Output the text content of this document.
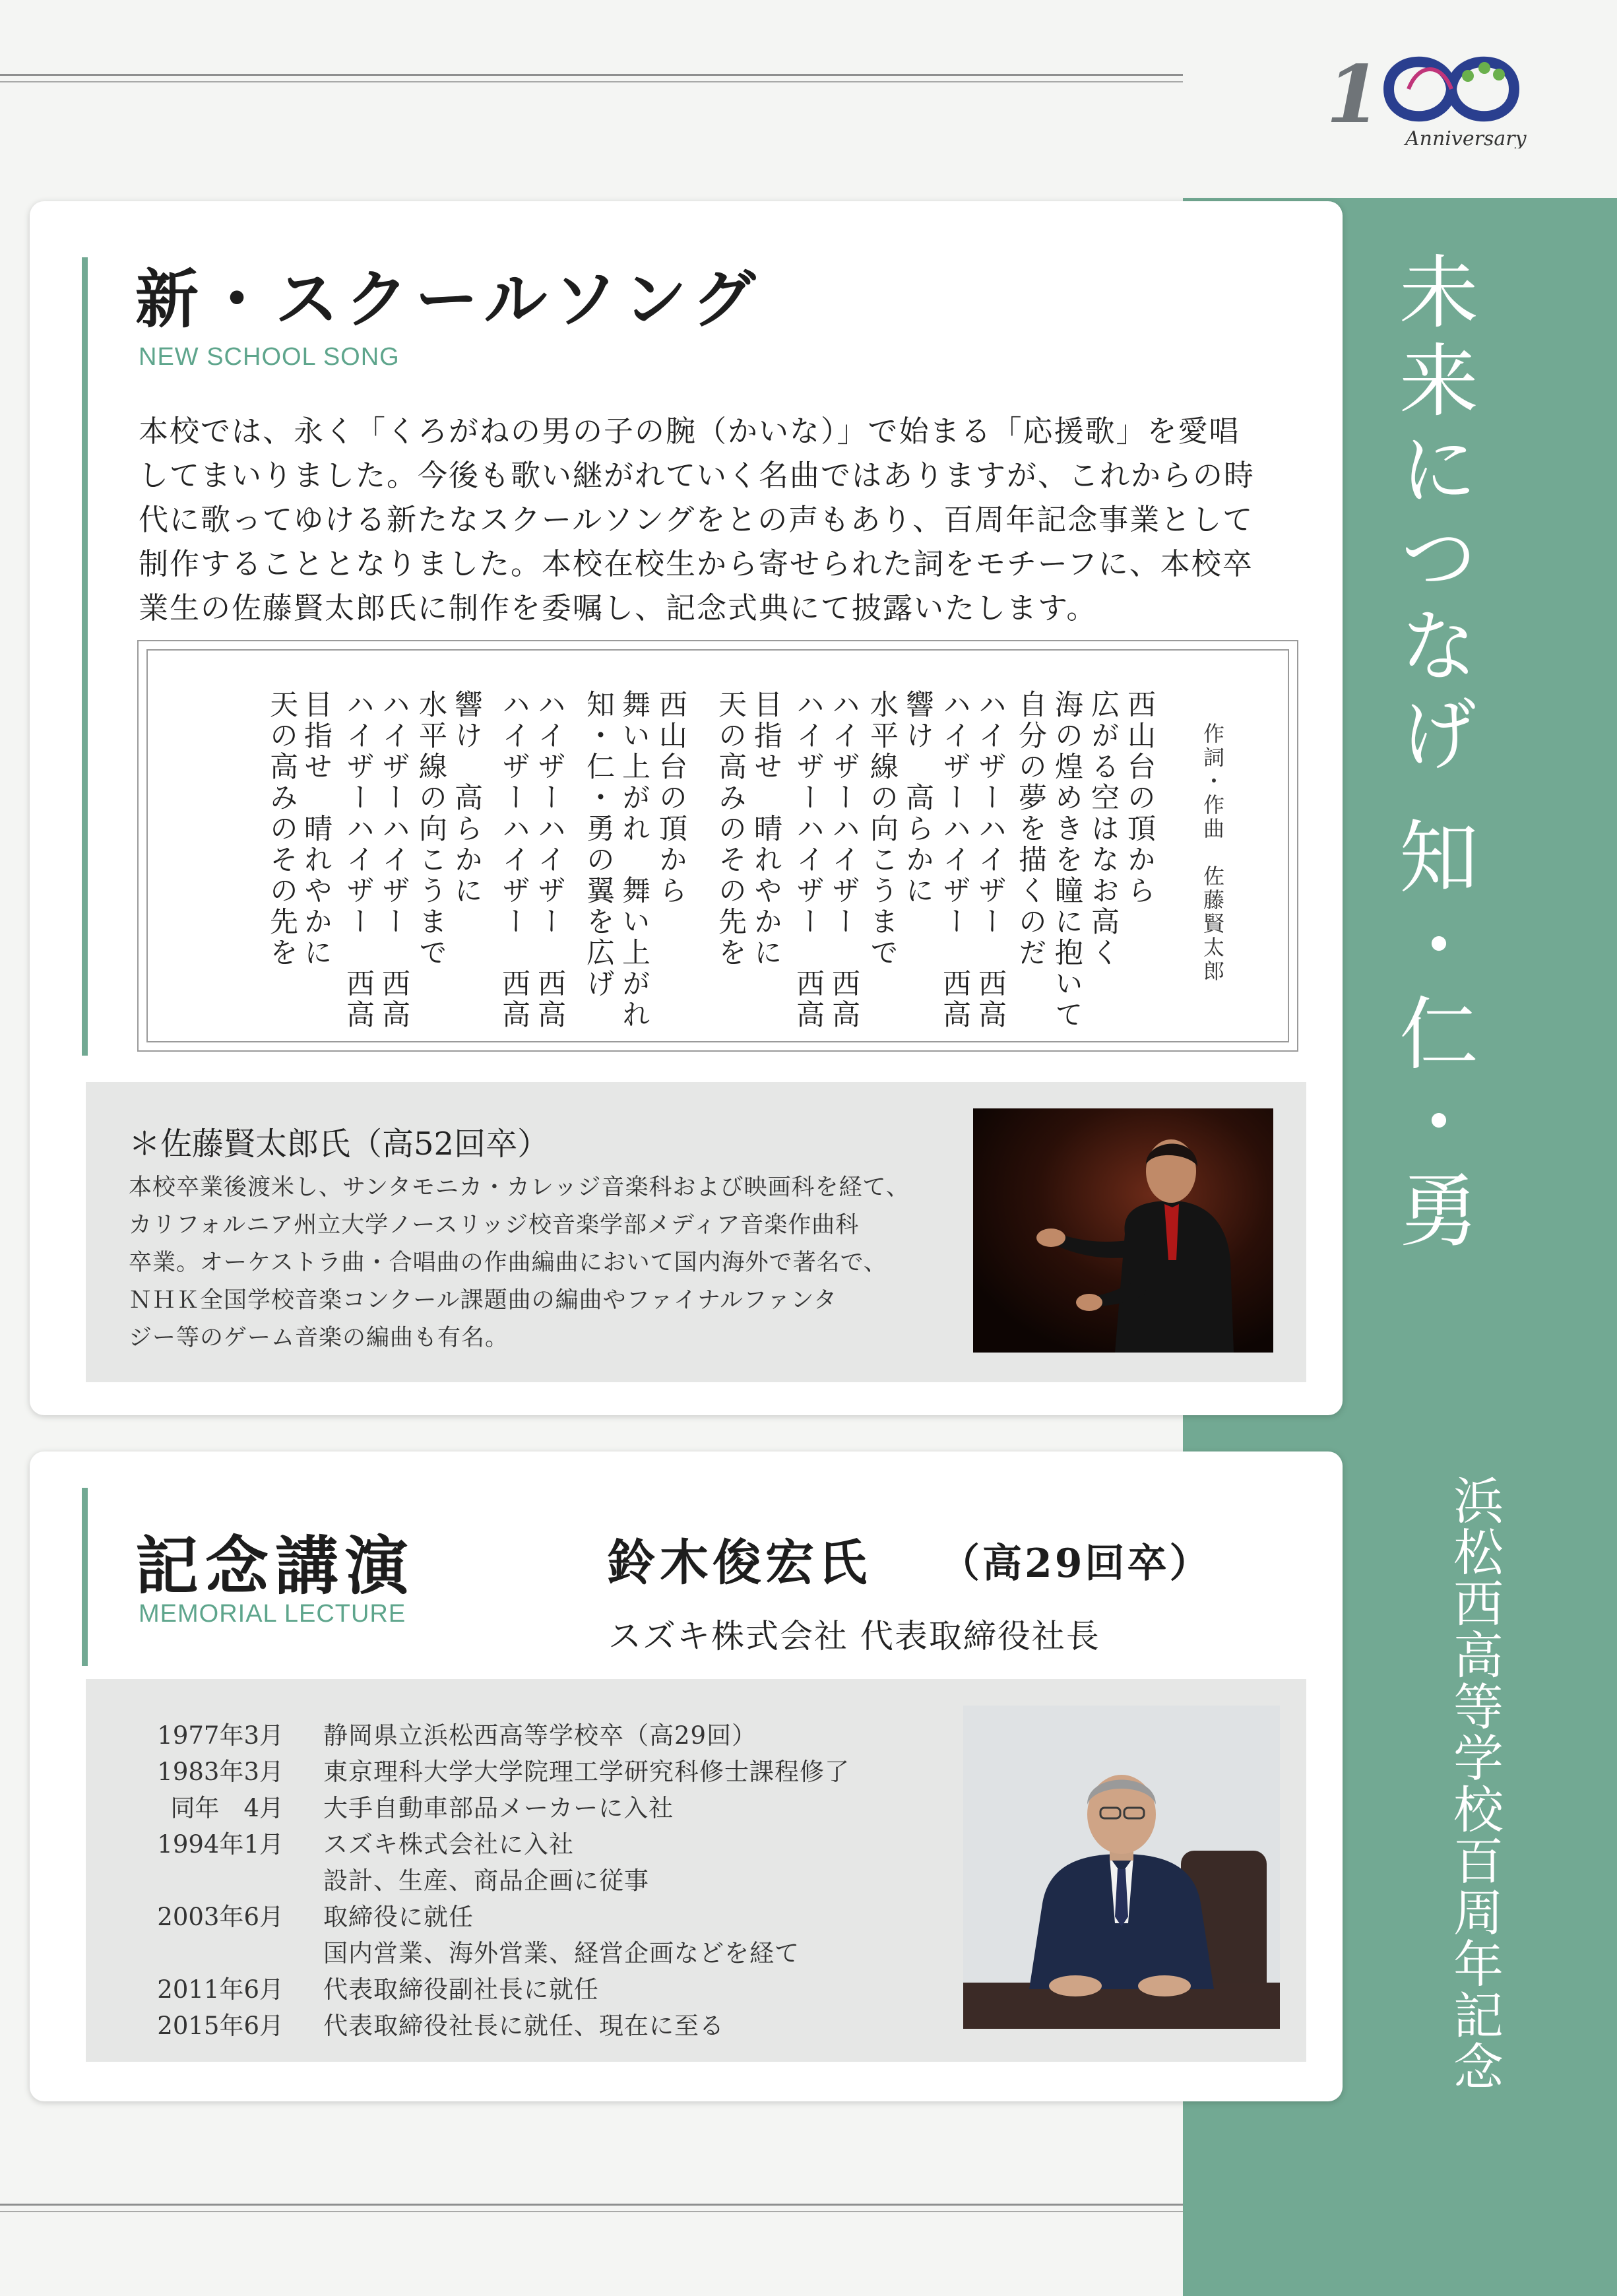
1 Anniversary
未来につなげ 知・仁・勇
浜松西高等学校百周年記念
新・スクールソング
NEW SCHOOL SONG
本校では、永く「くろがねの男の子の腕（かいな）」で始まる「応援歌」を愛唱してまいりました。今後も歌い継がれていく名曲ではありますが、これからの時代に歌ってゆける新たなスクールソングをとの声もあり、百周年記念事業として制作することとなりました。本校在校生から寄せられた詞をモチーフに、本校卒業生の佐藤賢太郎氏に制作を委嘱し、記念式典にて披露いたします。
作詞・作曲　佐藤賢太郎
西山台の頂から
広がる空はなお高く
海の煌めきを瞳に抱いて
自分の夢を描くのだ
ハイザーハイザー　西高
ハイザーハイザー　西高
響け　高らかに
水平線の向こうまで
ハイザーハイザー　西高
ハイザーハイザー　西高
目指せ　晴れやかに
天の高みのその先を
西山台の頂から
舞い上がれ　舞い上がれ
知・仁・勇の翼を広げ
ハイザーハイザー　西高
ハイザーハイザー　西高
響け　高らかに
水平線の向こうまで
ハイザーハイザー　西高
ハイザーハイザー　西高
目指せ　晴れやかに
天の高みのその先を
＊佐藤賢太郎氏（高52回卒）
本校卒業後渡米し、サンタモニカ・カレッジ音楽科および映画科を経て、
カリフォルニア州立大学ノースリッジ校音楽学部メディア音楽作曲科
卒業。オーケストラ曲・合唱曲の作曲編曲において国内海外で著名で、
ＮＨＫ全国学校音楽コンクール課題曲の編曲やファイナルファンタ
ジー等のゲーム音楽の編曲も有名。
記念講演
MEMORIAL LECTURE
鈴木俊宏氏 （高29回卒）
スズキ株式会社 代表取締役社長
1977年3月 静岡県立浜松西高等学校卒（高29回）
1983年3月 東京理科大学大学院理工学研究科修士課程修了
同年　4月 大手自動車部品メーカーに入社
1994年1月 スズキ株式会社に入社
設計、生産、商品企画に従事
2003年6月 取締役に就任
国内営業、海外営業、経営企画などを経て
2011年6月 代表取締役副社長に就任
2015年6月 代表取締役社長に就任、現在に至る
